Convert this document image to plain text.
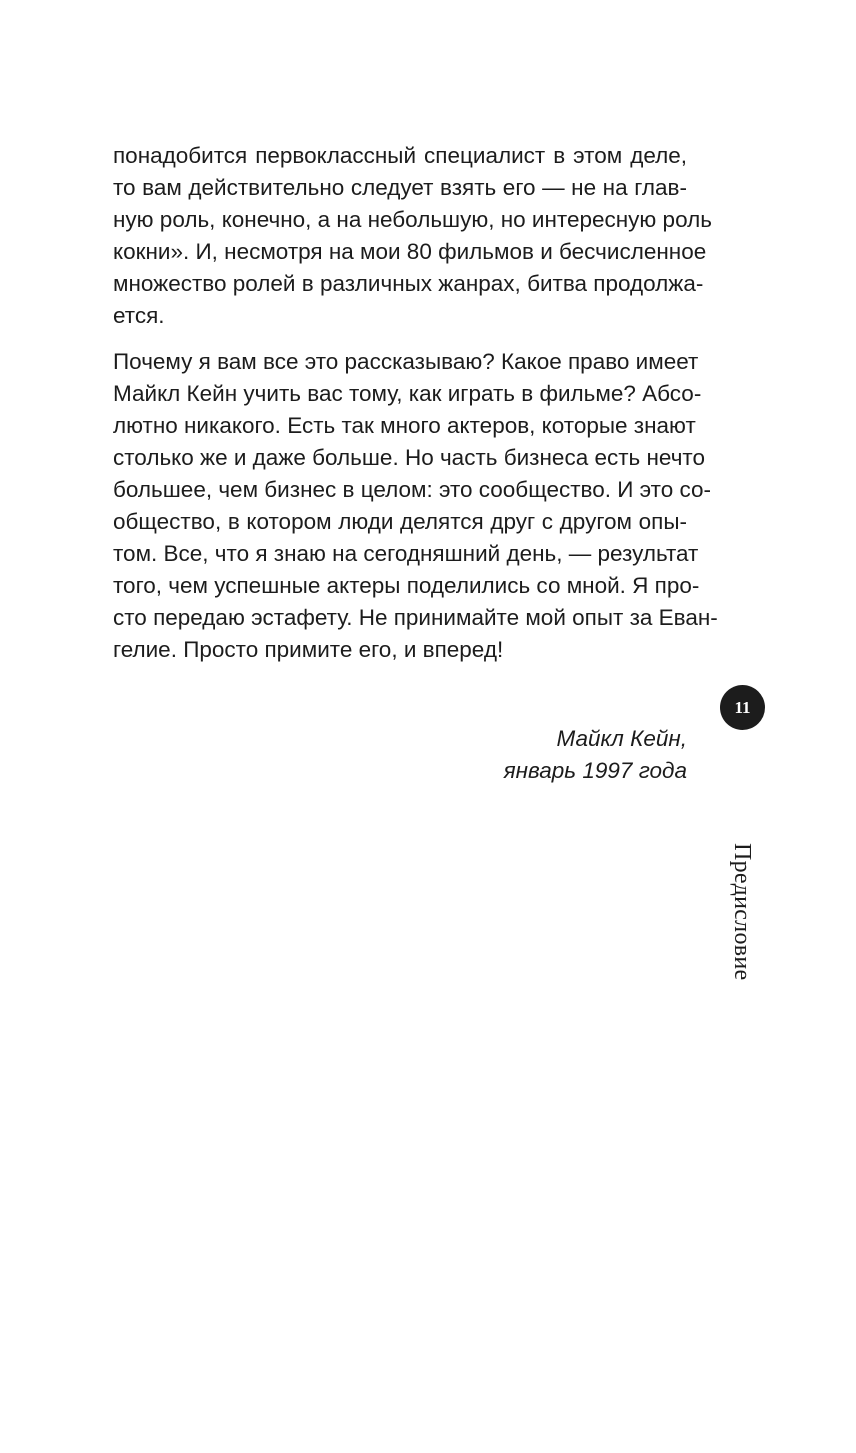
понадобится первоклассный специалист в этом деле,
то вам действительно следует взять его — не на глав-
ную роль, конечно, а на небольшую, но интересную роль
кокни». И, несмотря на мои 80 фильмов и бесчисленное
множество ролей в различных жанрах, битва продолжа-
ется.

Почему я вам все это рассказываю? Какое право имеет
Майкл Кейн учить вас тому, как играть в фильме? Абсо-
лютно никакого. Есть так много актеров, которые знают
столько же и даже больше. Но часть бизнеса есть нечто
большее, чем бизнес в целом: это сообщество. И это со-
общество, в котором люди делятся друг с другом опы-
том. Все, что я знаю на сегодняшний день, — результат
того, чем успешные актеры поделились со мной. Я про-
сто передаю эстафету. Не принимайте мой опыт за Еван-
гелие. Просто примите его, и вперед!

11
Майкл Кейн,
январь 1997 года
Предисловие
